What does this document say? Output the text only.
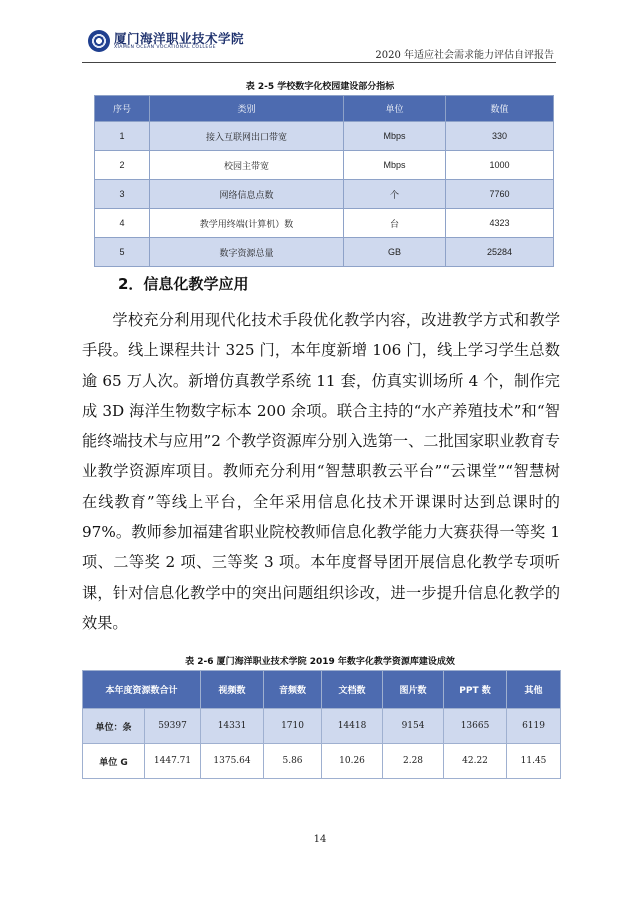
厦门海洋职业技术学院
XIAMEN OCEAN VOCATIONAL COLLEGE
2020 年适应社会需求能力评估自评报告
表 2-5 学校数字化校园建设部分指标
序号	类别	单位	数值
1	接入互联网出口带宽	Mbps	330
2	校园主带宽	Mbps	1000
3	网络信息点数	个	7760
4	教学用终端(计算机）数	台	4323
5	数字资源总量	GB	25284
2．信息化教学应用

学校充分利用现代化技术手段优化教学内容，改进教学方式和教学手段。线上课程共计 325 门，本年度新增 106 门，线上学习学生总数逾 65 万人次。新增仿真教学系统 11 套，仿真实训场所 4 个，制作完成 3D 海洋生物数字标本 200 余项。联合主持的“水产养殖技术”和“智能终端技术与应用”2 个教学资源库分别入选第一、二批国家职业教育专业教学资源库项目。教师充分利用“智慧职教云平台”“云课堂”“智慧树在线教育”等线上平台，全年采用信息化技术开课课时达到总课时的 97%。教师参加福建省职业院校教师信息化教学能力大赛获得一等奖 1 项、二等奖 2 项、三等奖 3 项。本年度督导团开展信息化教学专项听课，针对信息化教学中的突出问题组织诊改，进一步提升信息化教学的效果。

表 2-6 厦门海洋职业技术学院 2019 年数字化教学资源库建设成效
本年度资源数合计		视频数	音频数	文档数	图片数	PPT 数	其他
单位：条	59397	14331	1710	14418	9154	13665	6119
单位 G	1447.71	1375.64	5.86	10.26	2.28	42.22	11.45
14
